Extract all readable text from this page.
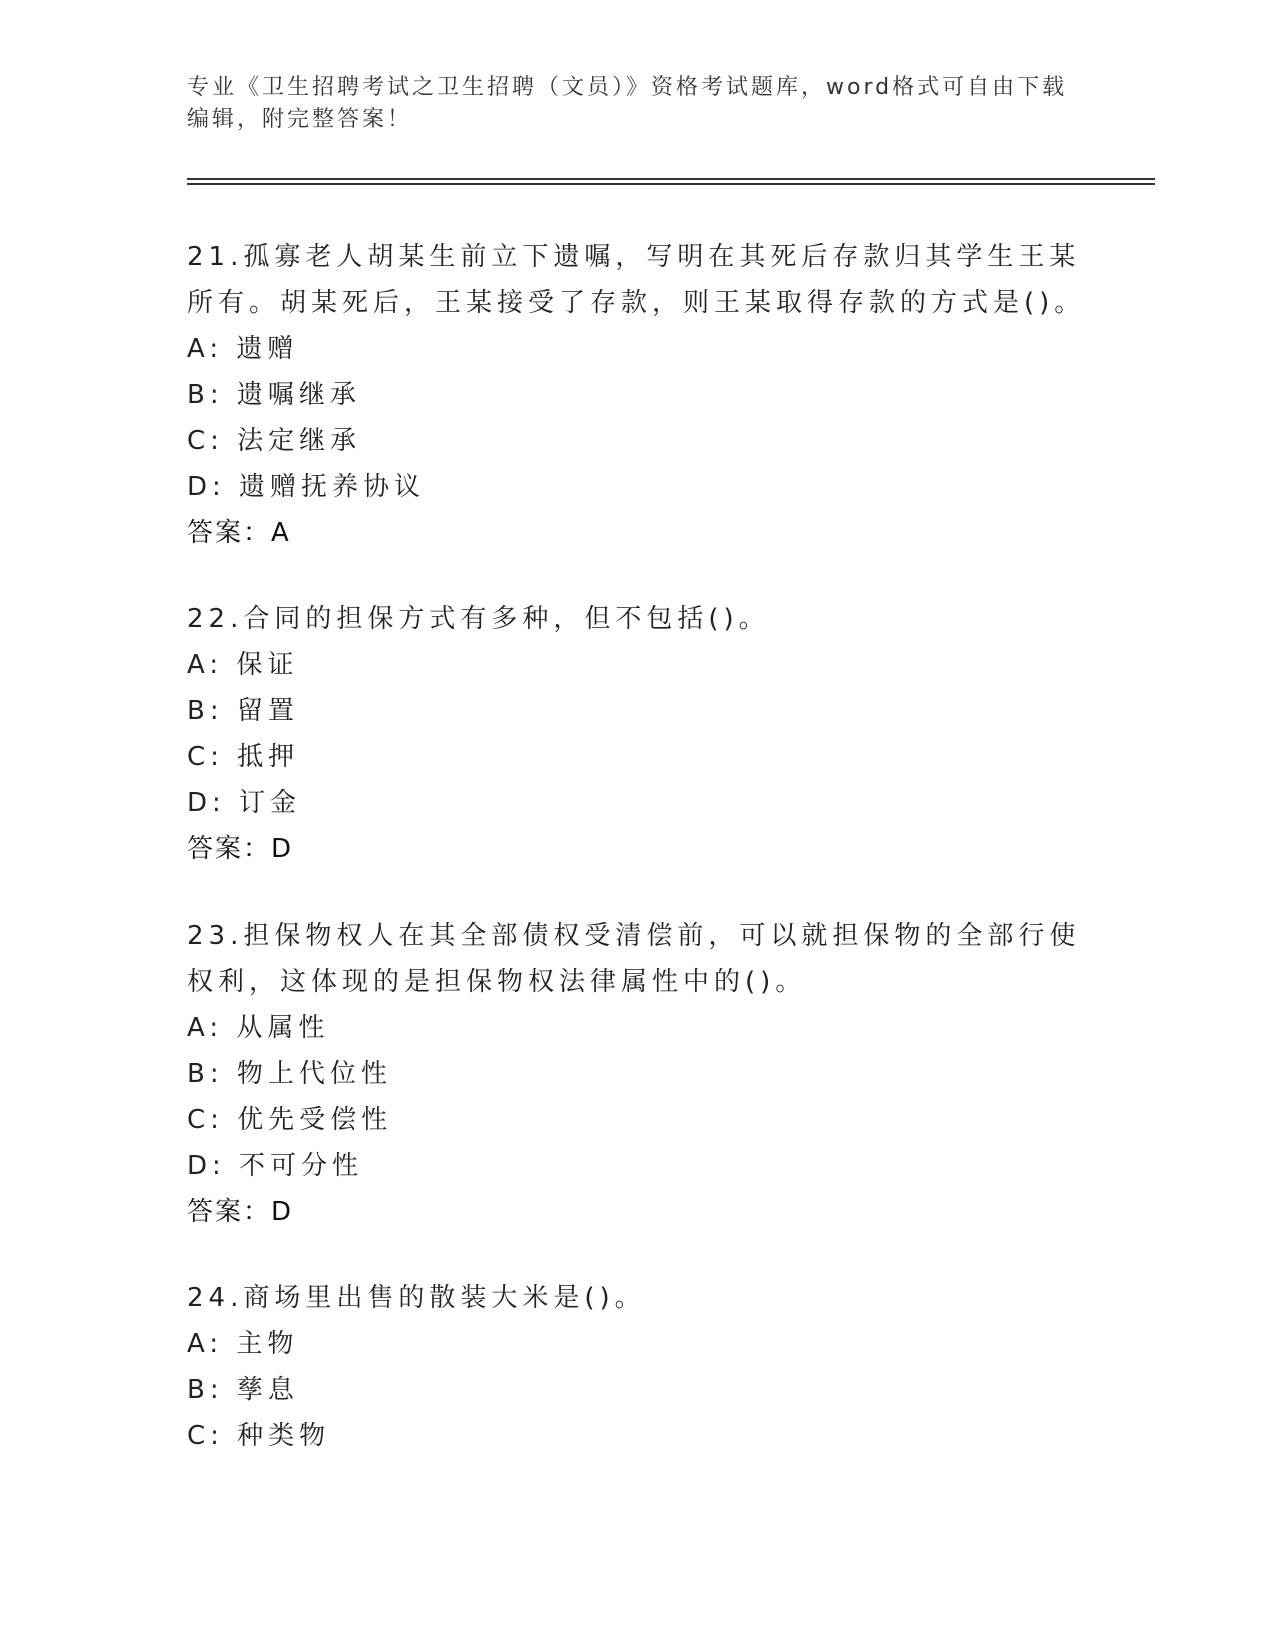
专业《卫生招聘考试之卫生招聘（文员）》资格考试题库，word格式可自由下载编辑，附完整答案！
21.孤寡老人胡某生前立下遗嘱，写明在其死后存款归其学生王某所有。胡某死后，王某接受了存款，则王某取得存款的方式是()。
A: 遗赠
B: 遗嘱继承
C: 法定继承
D: 遗赠抚养协议
答案：A
22.合同的担保方式有多种，但不包括()。
A: 保证
B: 留置
C: 抵押
D: 订金
答案：D
23.担保物权人在其全部债权受清偿前，可以就担保物的全部行使权利，这体现的是担保物权法律属性中的()。
A: 从属性
B: 物上代位性
C: 优先受偿性
D: 不可分性
答案：D
24.商场里出售的散装大米是()。
A: 主物
B: 孳息
C: 种类物
